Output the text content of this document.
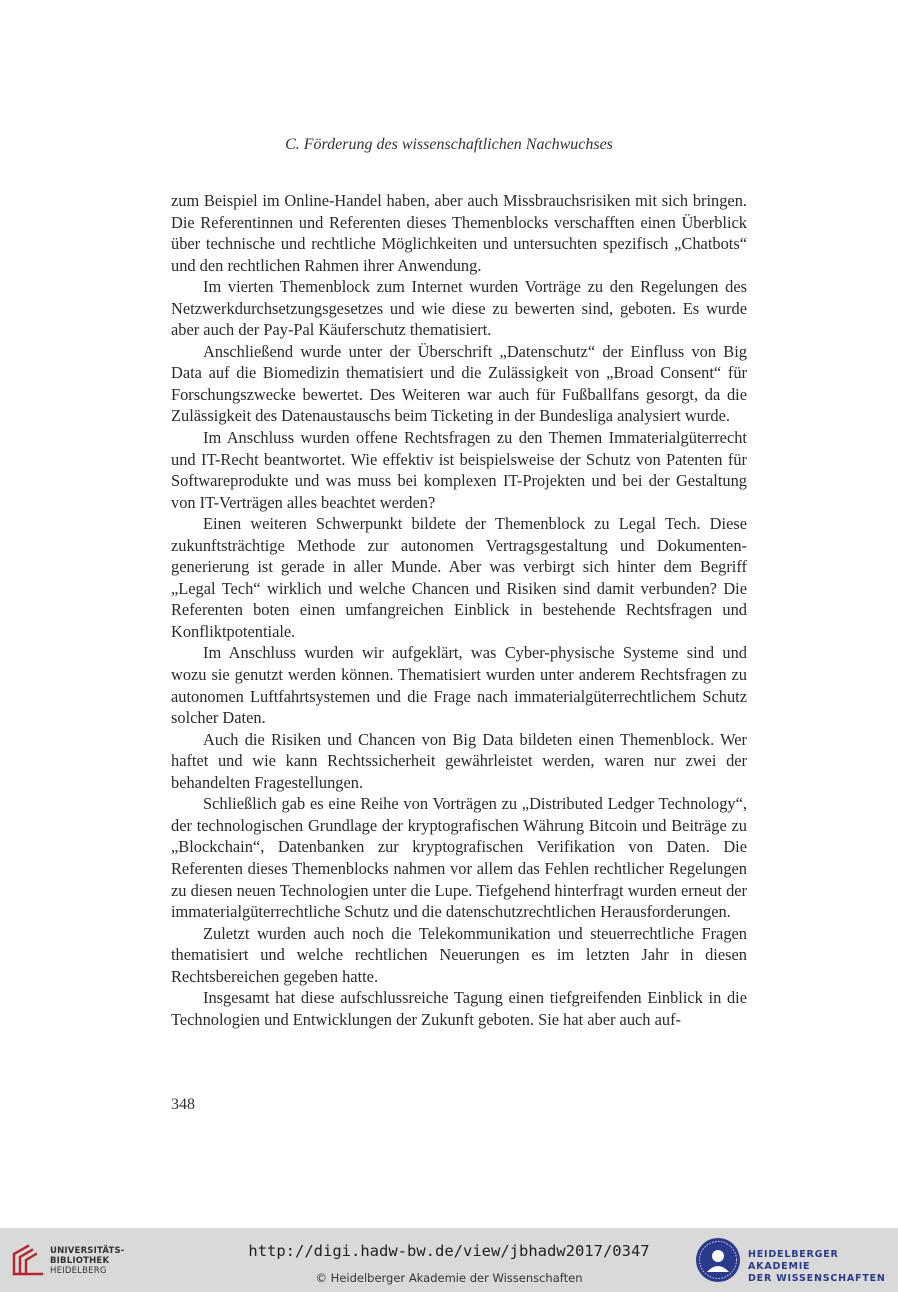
C. Förderung des wissenschaftlichen Nachwuchses

zum Beispiel im Online-Handel haben, aber auch Missbrauchsrisiken mit sich bringen. Die Referentinnen und Referenten dieses Themenblocks verschafften einen Überblick über technische und rechtliche Möglichkeiten und untersuchten spezifisch „Chatbots“ und den rechtlichen Rahmen ihrer Anwendung.

Im vierten Themenblock zum Internet wurden Vorträge zu den Regelungen des Netzwerkdurchsetzungsgesetzes und wie diese zu bewerten sind, geboten. Es wurde aber auch der Pay-Pal Käuferschutz thematisiert.

Anschließend wurde unter der Überschrift „Datenschutz“ der Einfluss von Big Data auf die Biomedizin thematisiert und die Zulässigkeit von „Broad Consent“ für Forschungszwecke bewertet. Des Weiteren war auch für Fußballfans gesorgt, da die Zulässigkeit des Datenaustauschs beim Ticketing in der Bundesliga analysiert wurde.

Im Anschluss wurden offene Rechtsfragen zu den Themen Immaterialgüterrecht und IT-Recht beantwortet. Wie effektiv ist beispielsweise der Schutz von Patenten für Softwareprodukte und was muss bei komplexen IT-Projekten und bei der Gestaltung von IT-Verträgen alles beachtet werden?

Einen weiteren Schwerpunkt bildete der Themenblock zu Legal Tech. Diese zukunftsträchtige Methode zur autonomen Vertragsgestaltung und Dokumentengenerierung ist gerade in aller Munde. Aber was verbirgt sich hinter dem Begriff „Legal Tech“ wirklich und welche Chancen und Risiken sind damit verbunden? Die Referenten boten einen umfangreichen Einblick in bestehende Rechtsfragen und Konfliktpotentiale.

Im Anschluss wurden wir aufgeklärt, was Cyber-physische Systeme sind und wozu sie genutzt werden können. Thematisiert wurden unter anderem Rechtsfragen zu autonomen Luftfahrtsystemen und die Frage nach immaterialgüterrechtlichem Schutz solcher Daten.

Auch die Risiken und Chancen von Big Data bildeten einen Themenblock. Wer haftet und wie kann Rechtssicherheit gewährleistet werden, waren nur zwei der behandelten Fragestellungen.

Schließlich gab es eine Reihe von Vorträgen zu „Distributed Ledger Technology“, der technologischen Grundlage der kryptografischen Währung Bitcoin und Beiträge zu „Blockchain“, Datenbanken zur kryptografischen Verifikation von Daten. Die Referenten dieses Themenblocks nahmen vor allem das Fehlen rechtlicher Regelungen zu diesen neuen Technologien unter die Lupe. Tiefgehend hinterfragt wurden erneut der immaterialgüterrechtliche Schutz und die datenschutzrechtlichen Herausforderungen.

Zuletzt wurden auch noch die Telekommunikation und steuerrechtliche Fragen thematisiert und welche rechtlichen Neuerungen es im letzten Jahr in diesen Rechtsbereichen gegeben hatte.

Insgesamt hat diese aufschlussreiche Tagung einen tiefgreifenden Einblick in die Technologien und Entwicklungen der Zukunft geboten. Sie hat aber auch auf-

348
UNIVERSITÄTS-
BIBLIOTHEK
HEIDELBERG
http://digi.hadw-bw.de/view/jbhadw2017/0347
© Heidelberger Akademie der Wissenschaften
HEIDELBERGER AKADEMIE
DER WISSENSCHAFTEN
